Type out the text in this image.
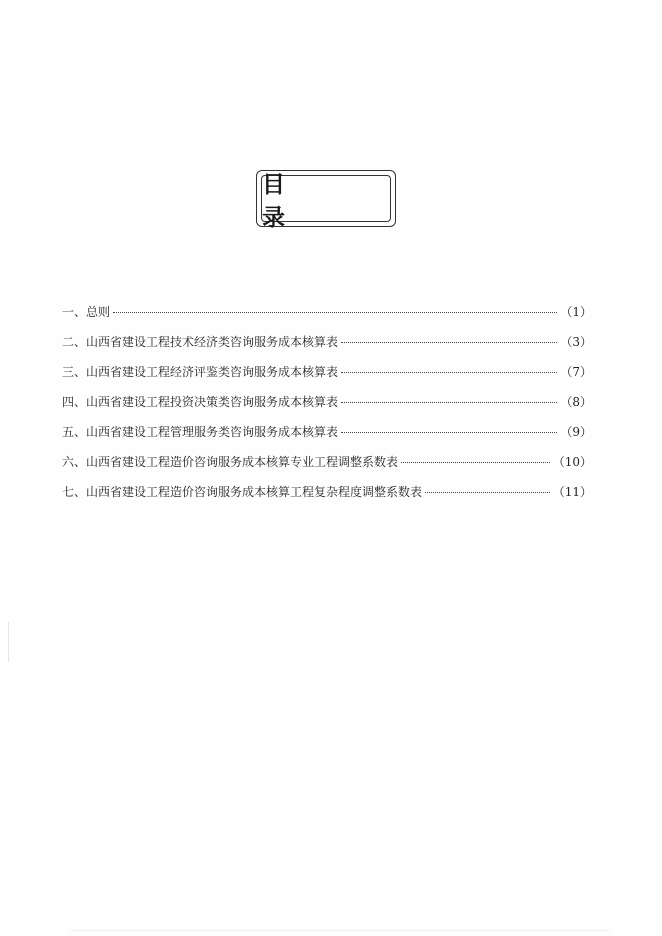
目　录
一、总则	（1）
二、山西省建设工程技术经济类咨询服务成本核算表	（3）
三、山西省建设工程经济评鉴类咨询服务成本核算表	（7）
四、山西省建设工程投资决策类咨询服务成本核算表	（8）
五、山西省建设工程管理服务类咨询服务成本核算表	（9）
六、山西省建设工程造价咨询服务成本核算专业工程调整系数表	（10）
七、山西省建设工程造价咨询服务成本核算工程复杂程度调整系数表	（11）
